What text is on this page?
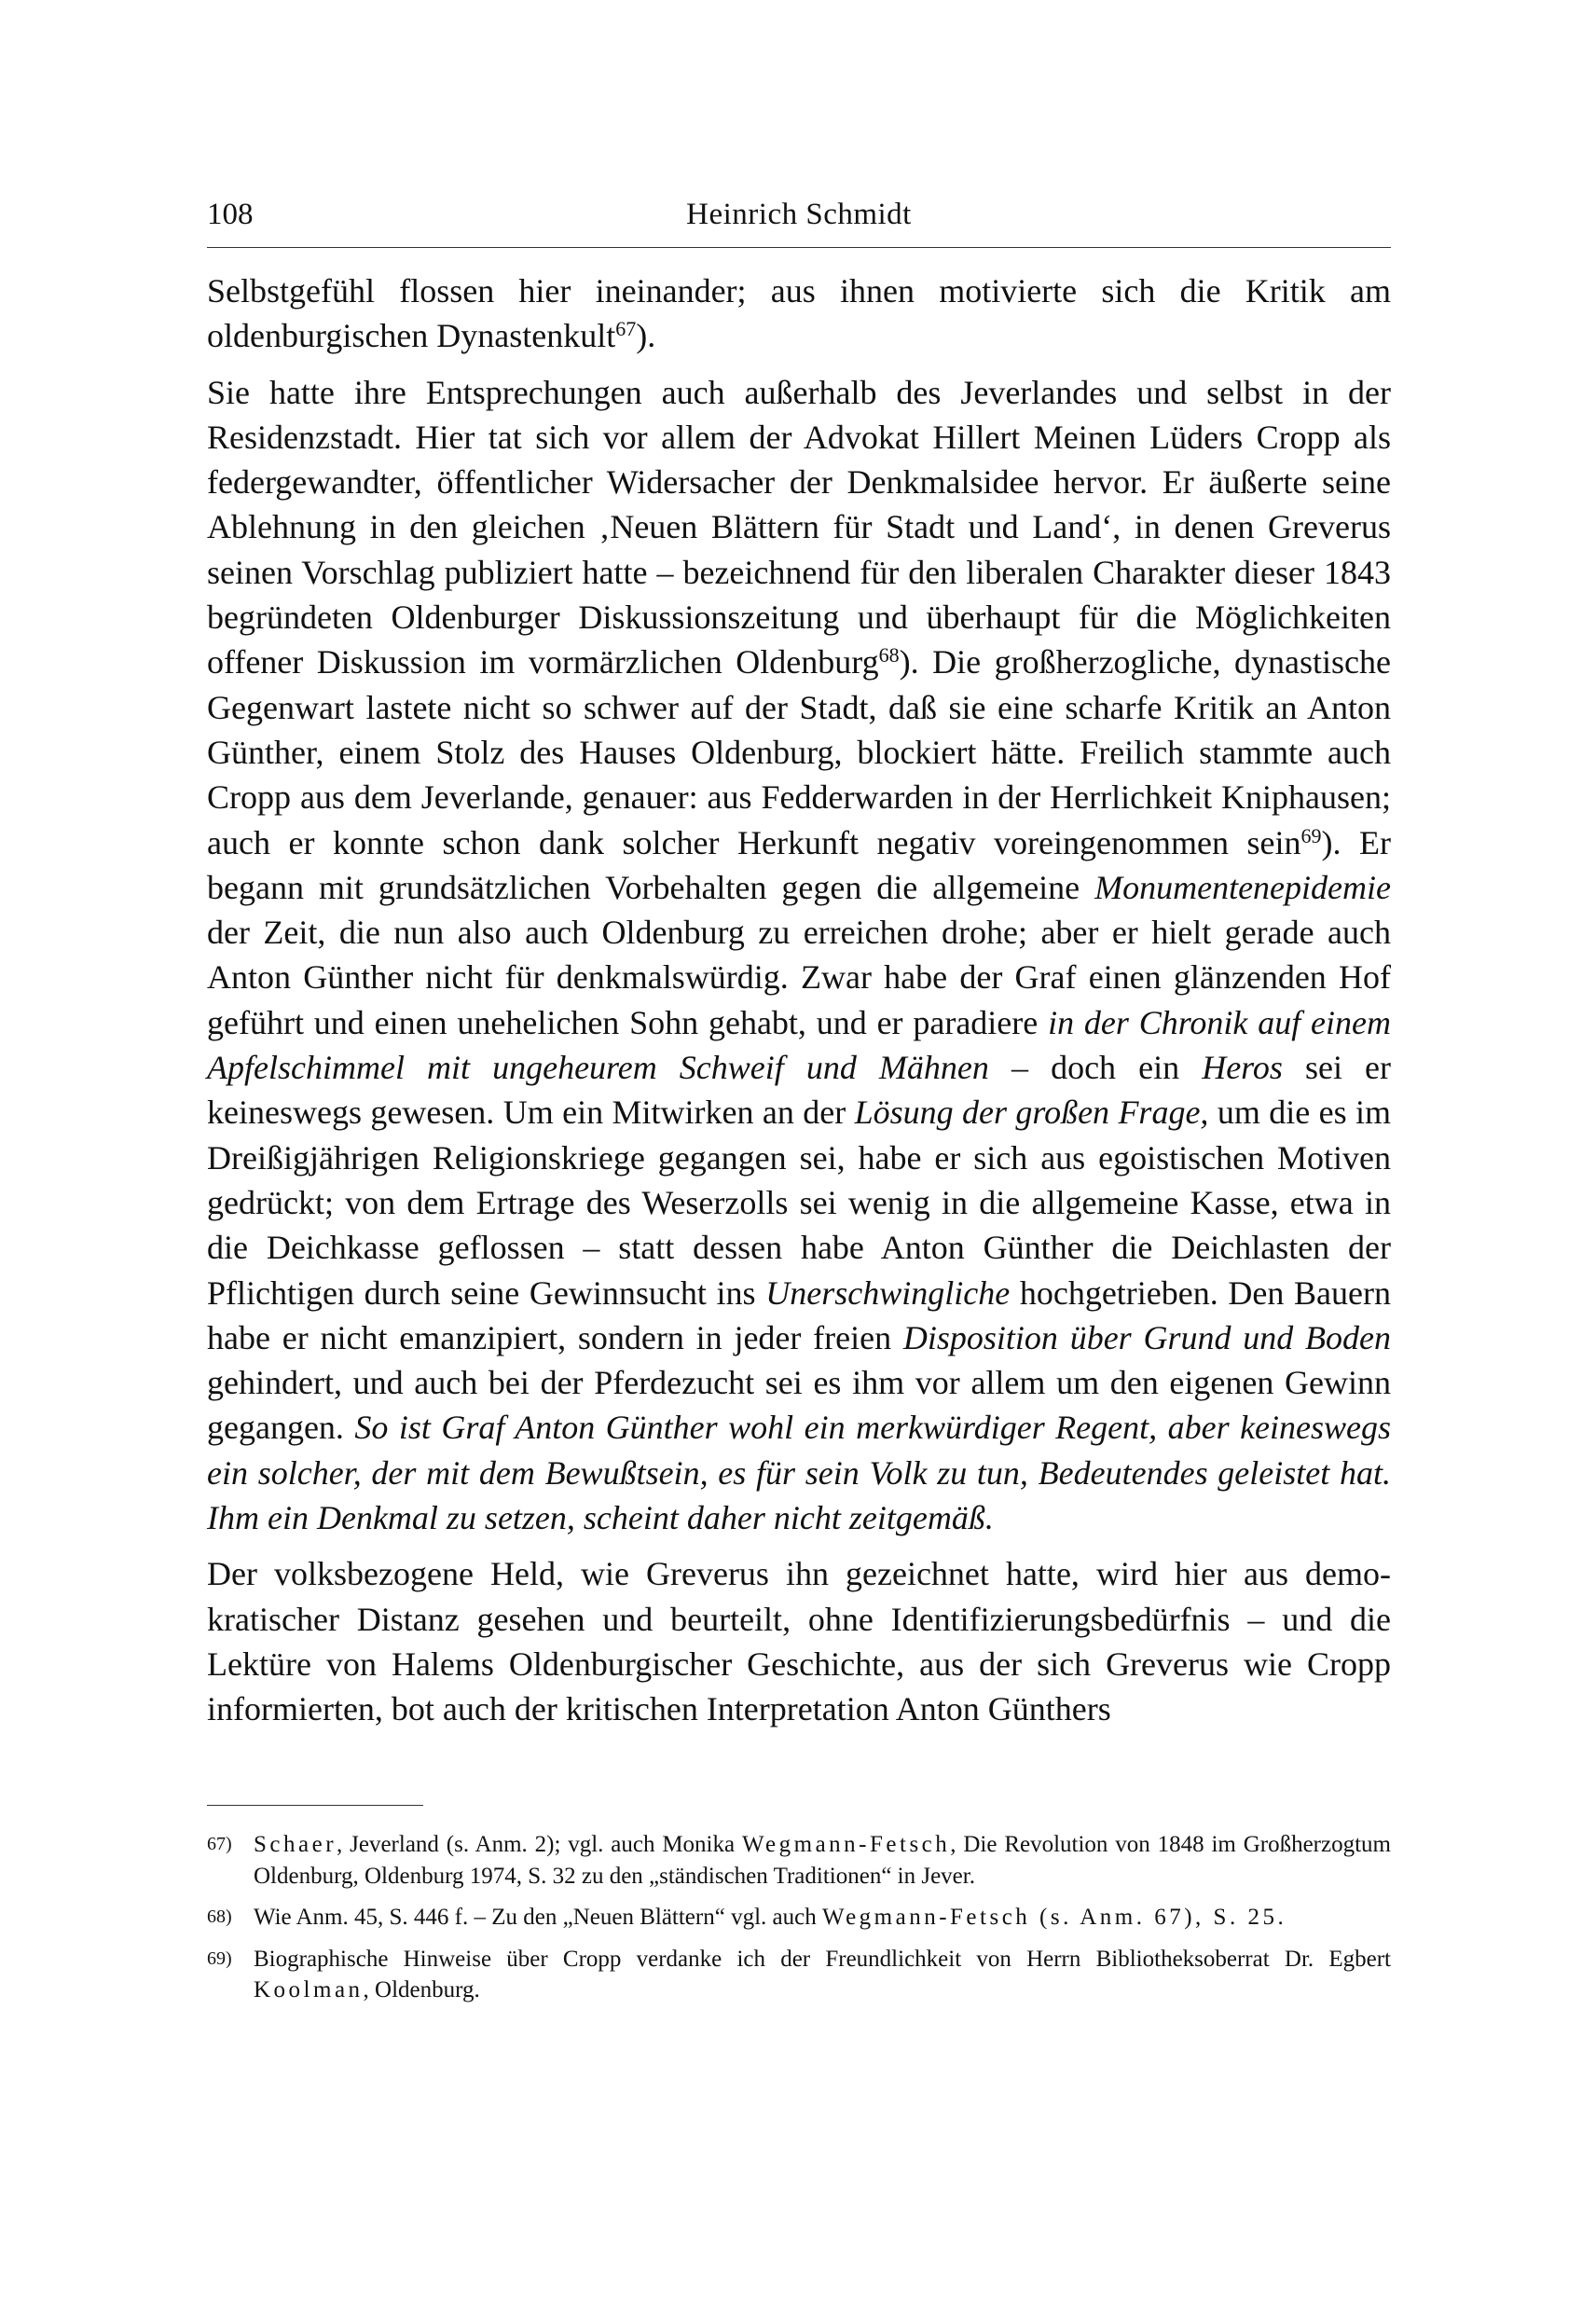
108	Heinrich Schmidt

Selbstgefühl flossen hier ineinander; aus ihnen motivierte sich die Kritik am oldenburgischen Dynastenkult$^{67}$).

Sie hatte ihre Entsprechungen auch außerhalb des Jeverlandes und selbst in der Residenzstadt. Hier tat sich vor allem der Advokat Hillert Meinen Lüders Cropp als federgewandter, öffentlicher Widersacher der Denkmalsidee hervor. Er äußerte seine Ablehnung in den gleichen ‚Neuen Blättern für Stadt und Land‘, in denen Greverus seinen Vorschlag publiziert hatte – bezeichnend für den liberalen Charakter dieser 1843 begründeten Oldenburger Diskussionszeitung und überhaupt für die Möglichkeiten offener Diskussion im vormärzlichen Oldenburg$^{68}$). Die großherzogliche, dynastische Gegenwart lastete nicht so schwer auf der Stadt, daß sie eine scharfe Kritik an Anton Günther, einem Stolz des Hauses Oldenburg, blockiert hätte. Freilich stammte auch Cropp aus dem Jeverlande, genauer: aus Fedderwarden in der Herrlichkeit Kniphausen; auch er konnte schon dank solcher Herkunft negativ voreingenommen sein$^{69}$). Er begann mit grundsätzlichen Vorbehalten gegen die allgemeine Monumentenepidemie der Zeit, die nun also auch Oldenburg zu erreichen drohe; aber er hielt gerade auch Anton Günther nicht für denkmalswürdig. Zwar habe der Graf einen glänzenden Hof geführt und einen unehelichen Sohn gehabt, und er paradiere in der Chronik auf einem Apfelschimmel mit ungeheurem Schweif und Mähnen – doch ein Heros sei er keineswegs gewesen. Um ein Mitwirken an der Lösung der großen Frage, um die es im Dreißigjährigen Religionskriege gegangen sei, habe er sich aus egoistischen Motiven gedrückt; von dem Ertrage des Weserzolls sei wenig in die allgemeine Kasse, etwa in die Deichkasse geflossen – statt dessen habe Anton Günther die Deichlasten der Pflichtigen durch seine Gewinnsucht ins Unerschwingliche hochgetrieben. Den Bauern habe er nicht emanzipiert, sondern in jeder freien Disposition über Grund und Boden gehindert, und auch bei der Pferdezucht sei es ihm vor allem um den eigenen Gewinn gegangen. So ist Graf Anton Günther wohl ein merkwürdiger Regent, aber keineswegs ein solcher, der mit dem Bewußtsein, es für sein Volk zu tun, Bedeutendes geleistet hat. Ihm ein Denkmal zu setzen, scheint daher nicht zeitgemäß.

Der volksbezogene Held, wie Greverus ihn gezeichnet hatte, wird hier aus demokratischer Distanz gesehen und beurteilt, ohne Identifizierungsbedürfnis – und die Lektüre von Halems Oldenburgischer Geschichte, aus der sich Greverus wie Cropp informierten, bot auch der kritischen Interpretation Anton Günthers

67) Schaer, Jeverland (s. Anm. 2); vgl. auch Monika Wegmann-Fetsch, Die Revolution von 1848 im Großherzogtum Oldenburg, Oldenburg 1974, S. 32 zu den „ständischen Traditionen“ in Jever.
68) Wie Anm. 45, S. 446 f. – Zu den „Neuen Blättern“ vgl. auch Wegmann-Fetsch (s. Anm. 67), S. 25.
69) Biographische Hinweise über Cropp verdanke ich der Freundlichkeit von Herrn Bibliotheksoberrat Dr. Egbert Koolman, Oldenburg.
